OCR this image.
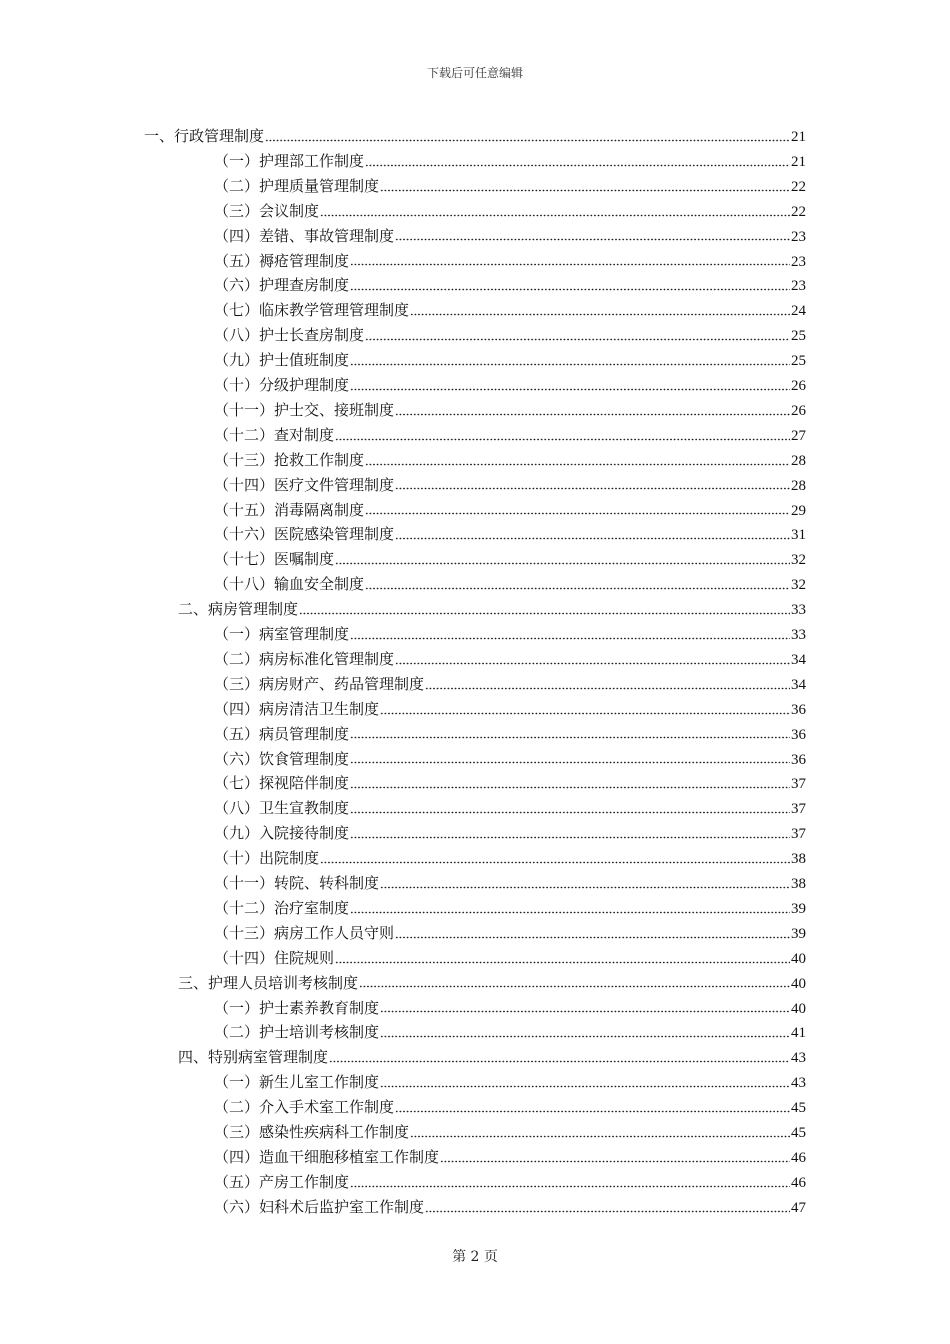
下载后可任意编辑
一、行政管理制度	21
（一）护理部工作制度	21
（二）护理质量管理制度	22
（三）会议制度	22
（四）差错、事故管理制度	23
（五）褥疮管理制度	23
（六）护理查房制度	23
（七）临床教学管理管理制度	24
（八）护士长查房制度	25
（九）护士值班制度	25
（十）分级护理制度	26
（十一）护士交、接班制度	26
（十二）查对制度	27
（十三）抢救工作制度	28
（十四）医疗文件管理制度	28
（十五）消毒隔离制度	29
（十六）医院感染管理制度	31
（十七）医嘱制度	32
（十八）输血安全制度	32
二、病房管理制度	33
（一）病室管理制度	33
（二）病房标准化管理制度	34
（三）病房财产、药品管理制度	34
（四）病房清洁卫生制度	36
（五）病员管理制度	36
（六）饮食管理制度	36
（七）探视陪伴制度	37
（八）卫生宣教制度	37
（九）入院接待制度	37
（十）出院制度	38
（十一）转院、转科制度	38
（十二）治疗室制度	39
（十三）病房工作人员守则	39
（十四）住院规则	40
三、护理人员培训考核制度	40
（一）护士素养教育制度	40
（二）护士培训考核制度	41
四、特别病室管理制度	43
（一）新生儿室工作制度	43
（二）介入手术室工作制度	45
（三）感染性疾病科工作制度	45
（四）造血干细胞移植室工作制度	46
（五）产房工作制度	46
（六）妇科术后监护室工作制度	47
第 2 页
